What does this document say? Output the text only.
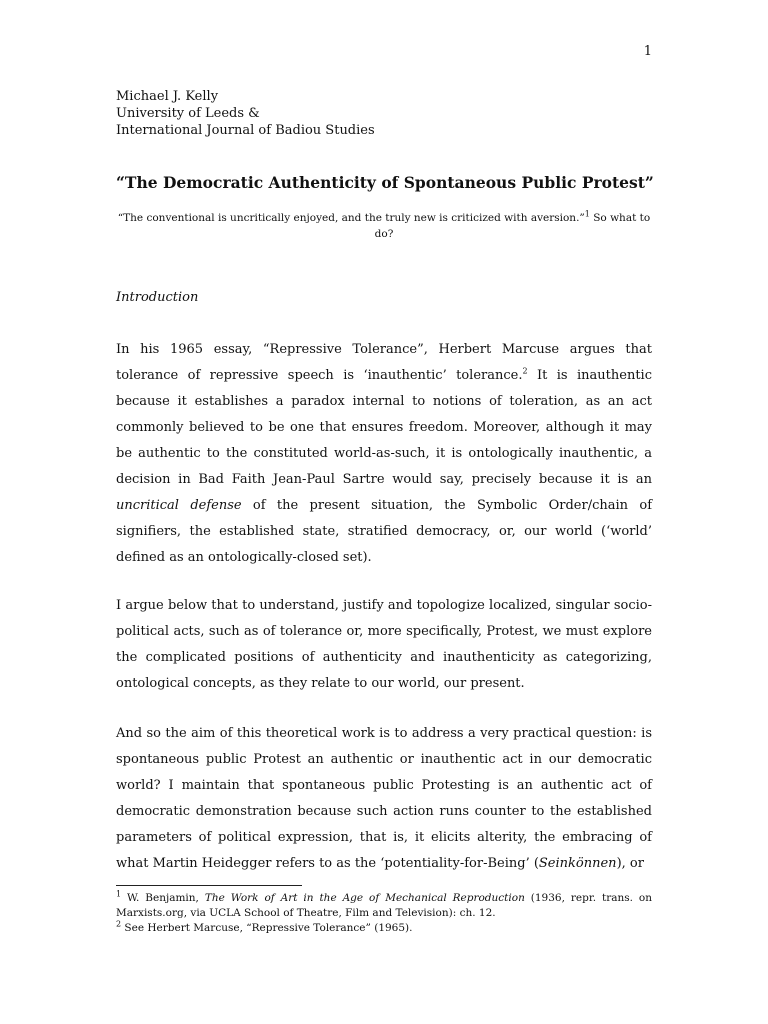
1
Michael J. Kelly
University of Leeds &
International Journal of Badiou Studies
“The Democratic Authenticity of Spontaneous Public Protest”
“The conventional is uncritically enjoyed, and the truly new is criticized with aversion.”$^1$ So what to do?
Introduction

In his 1965 essay, “Repressive Tolerance”, Herbert Marcuse argues that tolerance of repressive speech is ‘inauthentic’ tolerance.$^2$ It is inauthentic because it establishes a paradox internal to notions of toleration, as an act commonly believed to be one that ensures freedom. Moreover, although it may be authentic to the constituted world-as-such, it is ontologically inauthentic, a decision in Bad Faith Jean-Paul Sartre would say, precisely because it is an uncritical defense of the present situation, the Symbolic Order/chain of signifiers, the established state, stratified democracy, or, our world (‘world’ defined as an ontologically-closed set).

I argue below that to understand, justify and topologize localized, singular socio-political acts, such as of tolerance or, more specifically, Protest, we must explore the complicated positions of authenticity and inauthenticity as categorizing, ontological concepts, as they relate to our world, our present.

And so the aim of this theoretical work is to address a very practical question: is spontaneous public Protest an authentic or inauthentic act in our democratic world? I maintain that spontaneous public Protesting is an authentic act of democratic demonstration because such action runs counter to the established parameters of political expression, that is, it elicits alterity, the embracing of what Martin Heidegger refers to as the ‘potentiality-for-Being’ (Seinkönnen), or

$^1$ W. Benjamin, The Work of Art in the Age of Mechanical Reproduction (1936, repr. trans. on Marxists.org, via UCLA School of Theatre, Film and Television): ch. 12.

$^2$ See Herbert Marcuse, “Repressive Tolerance” (1965).
